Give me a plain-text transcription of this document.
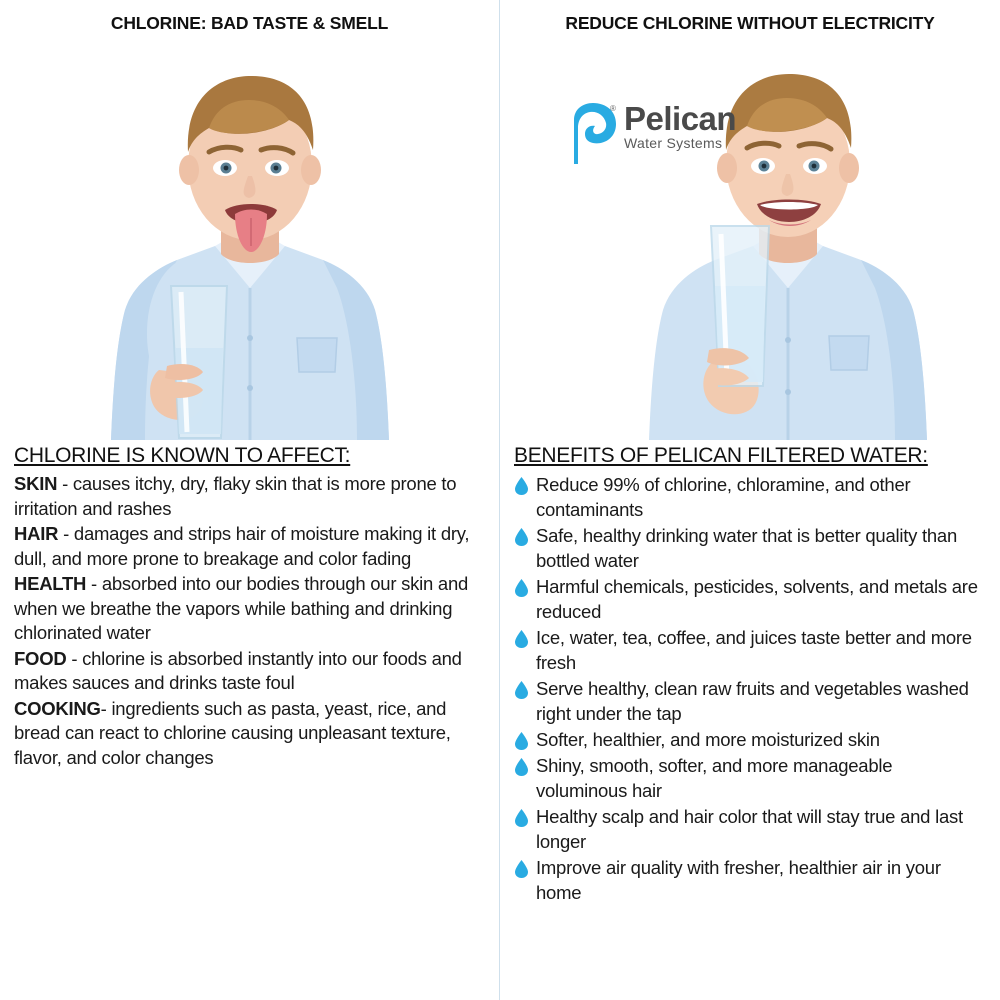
CHLORINE: BAD TASTE & SMELL
CHLORINE IS KNOWN TO AFFECT:
SKIN - causes itchy, dry, flaky skin that is more prone to irritation and rashes
HAIR - damages and strips hair of moisture making it dry, dull, and more prone to breakage and color fading
HEALTH - absorbed into our bodies through our skin and when we breathe the vapors while bathing and drinking chlorinated water
FOOD - chlorine is absorbed instantly into our foods and makes sauces and drinks taste foul
COOKING- ingredients such as pasta, yeast, rice, and bread can react to chlorine causing unpleasant texture, flavor, and color changes
REDUCE CHLORINE WITHOUT ELECTRICITY
® Pelican
Water Systems
BENEFITS OF PELICAN FILTERED WATER:
Reduce 99% of chlorine, chloramine, and other contaminants
Safe, healthy drinking water that is better quality than bottled water
Harmful chemicals, pesticides, solvents, and metals are reduced
Ice, water, tea, coffee, and juices taste better and more fresh
Serve healthy, clean raw fruits and vegetables washed right under the tap
Softer, healthier, and more moisturized skin
Shiny, smooth, softer, and more manageable voluminous hair
Healthy scalp and hair color that will stay true and last longer
Improve air quality with fresher, healthier air in your home
